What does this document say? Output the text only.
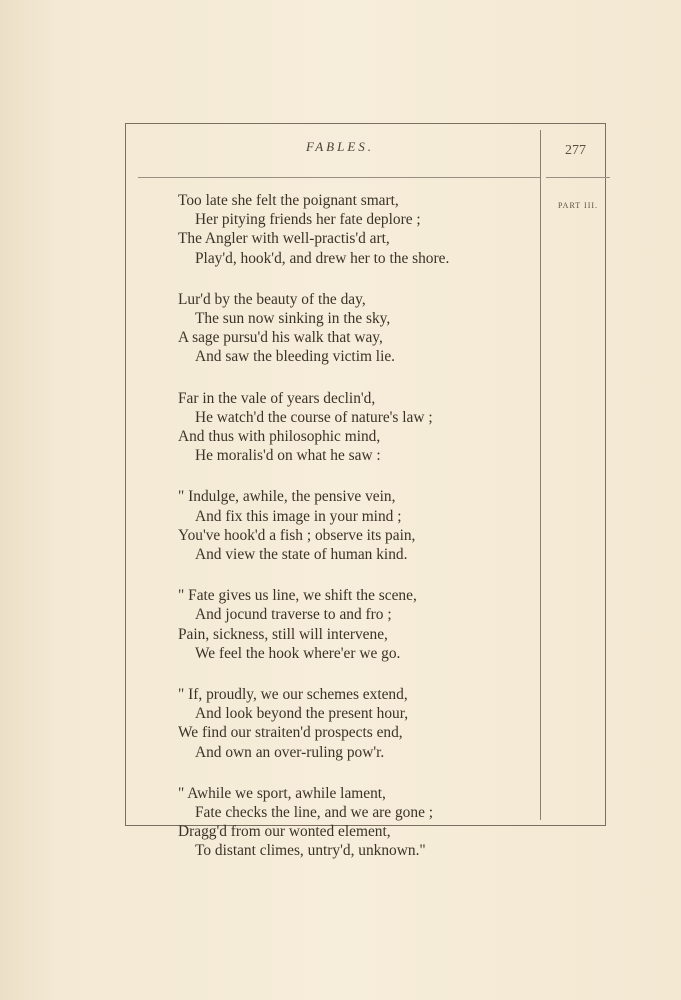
FABLES.	277
PART III.
Too late she felt the poignant smart,
Her pitying friends her fate deplore ;
The Angler with well-practis'd art,
Play'd, hook'd, and drew her to the shore.
Lur'd by the beauty of the day,
The sun now sinking in the sky,
A sage pursu'd his walk that way,
And saw the bleeding victim lie.
Far in the vale of years declin'd,
He watch'd the course of nature's law ;
And thus with philosophic mind,
He moralis'd on what he saw :
" Indulge, awhile, the pensive vein,
And fix this image in your mind ;
You've hook'd a fish ; observe its pain,
And view the state of human kind.
" Fate gives us line, we shift the scene,
And jocund traverse to and fro ;
Pain, sickness, still will intervene,
We feel the hook where'er we go.
" If, proudly, we our schemes extend,
And look beyond the present hour,
We find our straiten'd prospects end,
And own an over-ruling pow'r.
" Awhile we sport, awhile lament,
Fate checks the line, and we are gone ;
Dragg'd from our wonted element,
To distant climes, untry'd, unknown."
